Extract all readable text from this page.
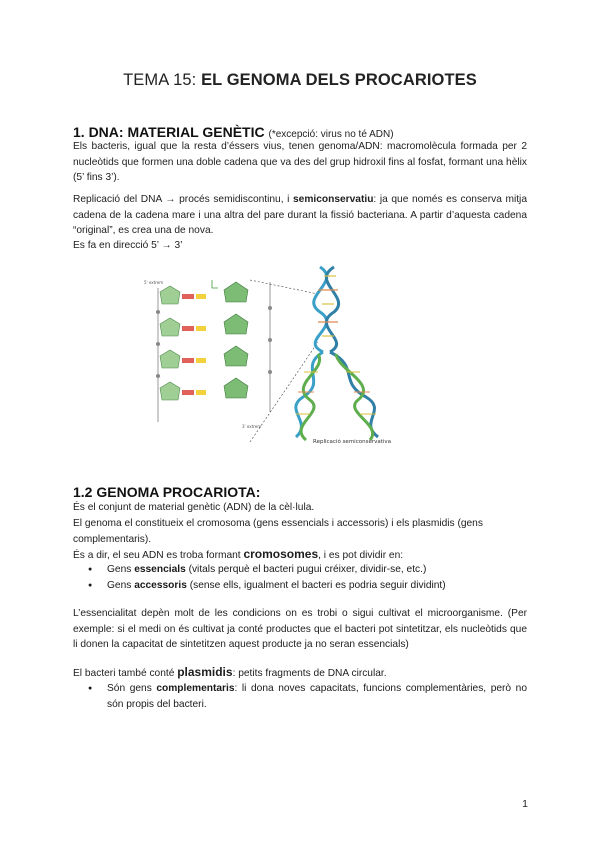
TEMA 15: EL GENOMA DELS PROCARIOTES
1. DNA: MATERIAL GENÈTIC (*excepció: virus no té ADN)
Els bacteris, igual que la resta d’éssers vius, tenen genoma/ADN: macromolècula formada per 2 nucleòtids que formen una doble cadena que va des del grup hidroxil fins al fosfat, formant una hèlix (5’ fins 3’).
Replicació del DNA → procés semidiscontinu, i semiconservatiu: ja que només es conserva mitja cadena de la cadena mare i una altra del pare durant la fissió bacteriana. A partir d’aquesta cadena “original”, es crea una de nova.
Es fa en direcció 5’ → 3’
5' extrem
3' extrem
Replicació semiconservativa
1.2 GENOMA PROCARIOTA:
És el conjunt de material genètic (ADN) de la cèl·lula.
El genoma el constitueix el cromosoma (gens essencials i accessoris) i els plasmidis (gens complementaris).
És a dir, el seu ADN es troba formant cromosomes, i es pot dividir en:
● Gens essencials (vitals perquè el bacteri pugui créixer, dividir-se, etc.)
● Gens accessoris (sense ells, igualment el bacteri es podria seguir dividint)
L’essencialitat depèn molt de les condicions on es trobi o sigui cultivat el microorganisme. (Per exemple: si el medi on és cultivat ja conté productes que el bacteri pot sintetitzar, els nucleòtids que li donen la capacitat de sintetitzen aquest producte ja no seran essencials)
El bacteri també conté plasmidis: petits fragments de DNA circular.
● Són gens complementaris: li dona noves capacitats, funcions complementàries, però no són propis del bacteri.
1
